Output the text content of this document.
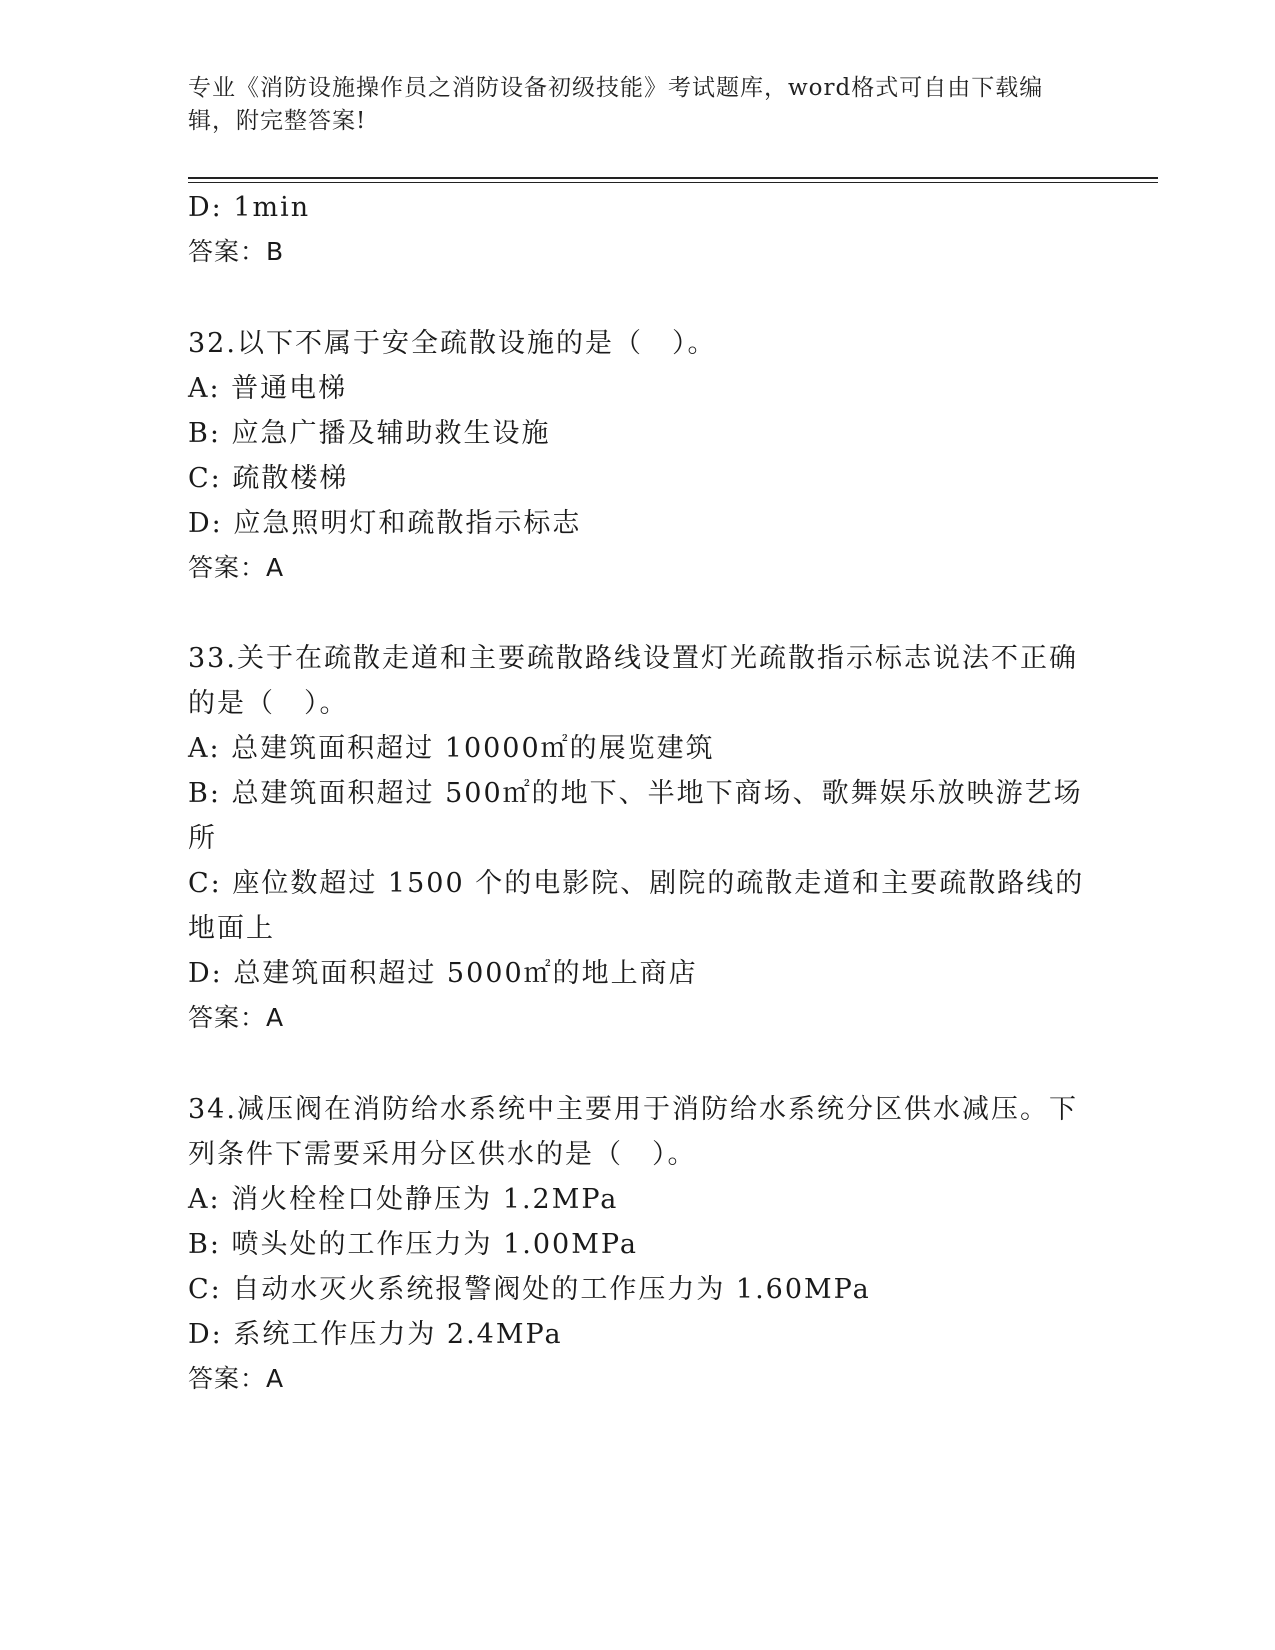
专业《消防设施操作员之消防设备初级技能》考试题库，word格式可自由下载编
辑，附完整答案!
D: 1min
答案：B
32.以下不属于安全疏散设施的是（　）。
A: 普通电梯
B: 应急广播及辅助救生设施
C: 疏散楼梯
D: 应急照明灯和疏散指示标志
答案：A
33.关于在疏散走道和主要疏散路线设置灯光疏散指示标志说法不正确
的是（　）。
A: 总建筑面积超过 10000㎡的展览建筑
B: 总建筑面积超过 500㎡的地下、半地下商场、歌舞娱乐放映游艺场
所
C: 座位数超过 1500 个的电影院、剧院的疏散走道和主要疏散路线的
地面上
D: 总建筑面积超过 5000㎡的地上商店
答案：A
34.减压阀在消防给水系统中主要用于消防给水系统分区供水减压。下
列条件下需要采用分区供水的是（　）。
A: 消火栓栓口处静压为 1.2MPa
B: 喷头处的工作压力为 1.00MPa
C: 自动水灭火系统报警阀处的工作压力为 1.60MPa
D: 系统工作压力为 2.4MPa
答案：A
